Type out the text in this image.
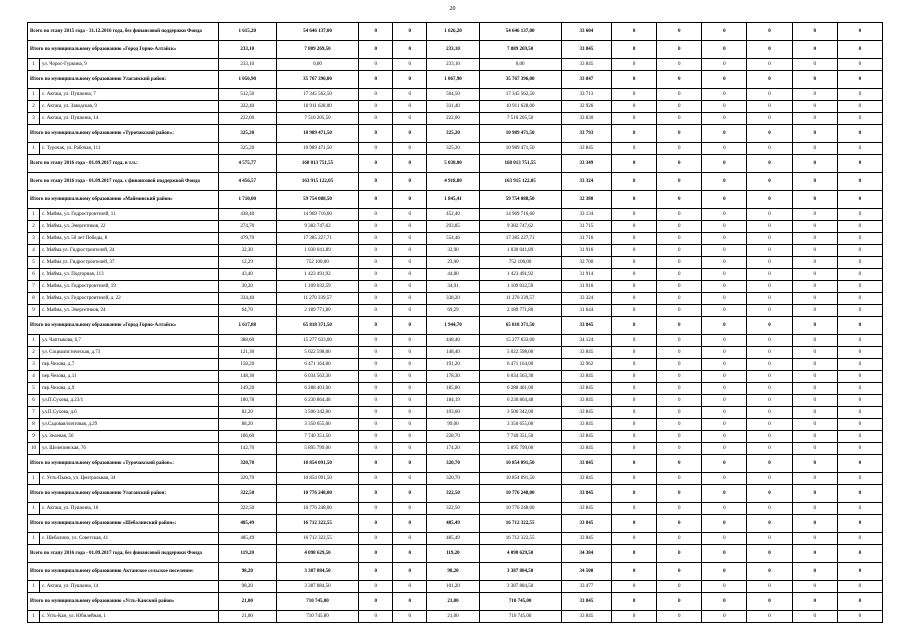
20
Всего по этапу 2015 года - 31.12.2016 года, без финансовой поддержки Фонда		1 615,20	54 646 137,00	0	0	1 626,20	54 646 137,00	33 604	0	0	0	0	0	0
Итого по муниципальному образованию «Город Горно-Алтайск»		233,10	7 889 269,50	0	0	233,10	7 889 269,50	33 845	0	0	0	0	0	0
1	ул. Чорос-Гуркина, 9	233,10	0,00	0	0	233,10	0,00	33 845	0	0	0	0	0	0
Итого по муниципальному образованию Улаганский район:		1 056,90	35 767 396,00	0	0	1 067,90	35 767 396,00	33 847	0	0	0	0	0	0
1	с. Акташ, ул. Пушкина, 7	512,50	17 345 562,50	0	0	504,50	17 345 562,50	33 713	0	0	0	0	0	0
2	с. Акташ, ул. Заводская, 9	322,40	10 911 628,00	0	0	331,40	10 911 628,00	32 926	0	0	0	0	0	0
3	с. Акташ, ул. Пушкина, 14	222,00	7 510 205,50	0	0	222,00	7 510 205,50	33 830	0	0	0	0	0	0
Итого по муниципальному образованию «Турочакский район»:		325,20	10 989 471,50	0	0	325,20	10 989 471,50	33 793	0	0	0	0	0	0
1	с. Турочак, ул. Рабочая, 111	325,20	10 989 471,50	0	0	325,20	10 989 471,50	33 845	0	0	0	0	0	0
Всего по этапу 2016 года - 01.09.2017 года, в т.ч.:		4 575,77	168 013 751,55	0	0	5 038,00	168 013 751,55	33 349	0	0	0	0	0	0
Всего по этапу 2016 года - 01.09.2017 года, с финансовой поддержкой Фонда		4 456,57	163 915 122,05	0	0	4 918,80	163 915 122,05	33 324	0	0	0	0	0	0
Итого по муниципальному образованию «Майминский район»		1 710,00	59 754 088,50	0	0	1 845,41	59 754 088,50	32 380	0	0	0	0	0	0
1	с. Майма, ул. Гидростроителей, 11	438,40	14 969 716,60	0	0	452,40	14 969 716,60	33 134	0	0	0	0	0	0
2	с. Майма, ул. Энергетиков, 22	274,70	9 382 747,62	0	0	293,85	9 382 747,62	31 715	0	0	0	0	0	0
3	с. Майма, ул. 50 лет Победы, 8	479,70	17 385 227,71	0	0	554,46	17 385 227,71	31 716	0	0	0	0	0	0
4	с. Майма ул. Гидростроителей, 24	32,30	1 030 041,89	0	0	32,90	1 030 041,89	31 916	0	0	0	0	0	0
5	с. Майма ул. Гидростроителей, 37	12,29	752 100,00	0	0	23,00	752 100,00	32 700	0	0	0	0	0	0
6	с. Майма, ул. Подгорная, 113	43,40	1 423 491,92	0	0	44,80	1 423 491,92	31 914	0	0	0	0	0	0
7	с. Майма, ул. Гидростроителей, 19	30,20	1 109 032,59	0	0	34,91	1 109 032,59	31 916	0	0	0	0	0	0
8	с. Майма, ул. Гидростроителей, д. 22	334,40	11 270 339,57	0	0	338,20	11 270 339,57	33 324	0	0	0	0	0	0
9	с. Майма, ул. Энергетиков, 24	64,70	2 189 771,80	0	0	69,29	2 189 771,80	31 644	0	0	0	0	0	0
Итого по муниципальному образованию «Город Горно-Алтайск»		1 617,88	65 818 371,50	0	0	1 944,70	65 818 371,50	33 845	0	0	0	0	0	0
1	ул. Чаптыкова, 6,7	388,60	15 277 633,00	0	0	448,40	15 277 633,00	34 124	0	0	0	0	0	0
2	ул. Социалистическая, д.73	121,30	5 022 598,00	0	0	148,40	5 022 598,00	33 845	0	0	0	0	0	0
3	пер.Чехова, д.7	158,20	6 471 164,00	0	0	191,20	6 471 164,00	32 962	0	0	0	0	0	0
4	пер.Чехова, д.11	148,30	6 034 563,30	0	0	178,30	6 034 563,30	33 845	0	0	0	0	0	0
5	пер.Чехова, д.9	149,20	6 288 401,00	0	0	185,80	6 288 401,00	33 845	0	0	0	0	0	0
6	ул.П.Сухова, д.23/1	180,78	6 230 864,48	0	0	184,19	6 230 864,48	33 845	0	0	0	0	0	0
7	ул.П.Сухова, д.6	82,20	3 506 342,00	0	0	103,60	3 506 342,00	33 845	0	0	0	0	0	0
8	ул.Садовая/почтовая, д.29	88,20	3 350 655,00	0	0	99,00	3 350 655,00	33 845	0	0	0	0	0	0
9	ул. Зеленая, 56	186,60	7 740 351,50	0	0	228,70	7 740 351,50	33 845	0	0	0	0	0	0
10	ул. Шелепинская, 76	142,70	5 895 799,00	0	0	174,20	5 895 799,00	33 845	0	0	0	0	0	0
Итого по муниципальному образованию «Турочакский район»:		320,70	10 854 091,50	0	0	320,70	10 854 091,50	33 845	0	0	0	0	0	0
1	с. Усть-Пыжа, ул. Центральная, 34	320,70	10 854 091,50	0	0	320,70	10 854 091,50	33 845	0	0	0	0	0	0
Итого по муниципальному образованию Улаганский район:		322,50	10 776 248,00	0	0	322,50	10 776 248,00	33 845	0	0	0	0	0	0
1	с. Акташ, ул. Пушкина, 16	322,50	10 776 248,00	0	0	322,50	10 776 248,00	33 845	0	0	0	0	0	0
Итого по муниципальному образованию «Шебалинский район»:		485,49	16 712 322,55	0	0	485,49	16 712 322,55	33 845	0	0	0	0	0	0
1	с. Шебалино, ул. Советская, 41	485,49	16 712 322,55	0	0	485,49	16 712 322,55	33 845	0	0	0	0	0	0
Всего по этапу 2016 года - 01.09.2017 года, без финансовой поддержки Фонда		119,20	4 098 629,50	0	0	119,20	4 098 629,50	34 384	0	0	0	0	0	0
Итого по муниципальному образованию Актанское сельское поселение:		98,20	3 387 884,50	0	0	98,20	3 387 884,50	34 500	0	0	0	0	0	0
1	с. Акташ, ул. Пушкина, 14	98,20	3 387 884,50	0	0	101,20	3 387 884,50	33 477	0	0	0	0	0	0
Итого по муниципальному образованию «Усть-Канский район»		21,00	710 745,00	0	0	21,00	710 745,00	33 845	0	0	0	0	0	0
1	с. Усть-Кан, ул. Юбилейная, 1	21,00	710 745,00	0	0	21,00	710 745,00	33 845	0	0	0	0	0	0
